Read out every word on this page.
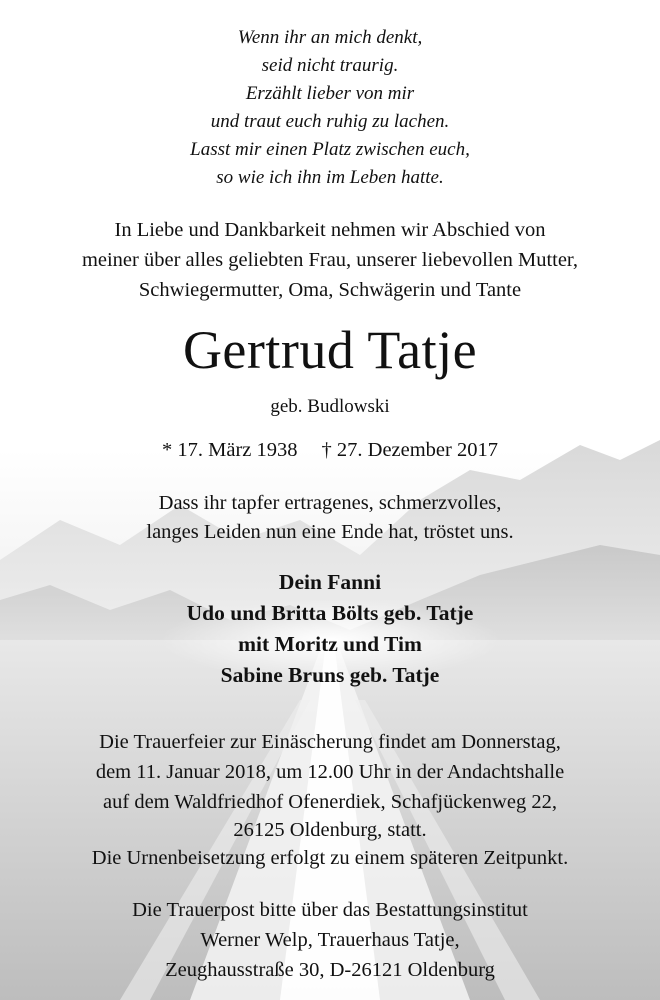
Wenn ihr an mich denkt,
seid nicht traurig.
Erzählt lieber von mir
und traut euch ruhig zu lachen.
Lasst mir einen Platz zwischen euch,
so wie ich ihn im Leben hatte.
In Liebe und Dankbarkeit nehmen wir Abschied von
meiner über alles geliebten Frau, unserer liebevollen Mutter,
Schwiegermutter, Oma, Schwägerin und Tante
Gertrud Tatje
geb. Budlowski
* 17. März 1938 † 27. Dezember 2017
Dass ihr tapfer ertragenes, schmerzvolles,
langes Leiden nun eine Ende hat, tröstet uns.
Dein Fanni
Udo und Britta Bölts geb. Tatje
mit Moritz und Tim
Sabine Bruns geb. Tatje
Die Trauerfeier zur Einäscherung findet am Donnerstag,
dem 11. Januar 2018, um 12.00 Uhr in der Andachtshalle
auf dem Waldfriedhof Ofenerdiek, Schafjückenweg 22,
26125 Oldenburg, statt.
Die Urnenbeisetzung erfolgt zu einem späteren Zeitpunkt.
Die Trauerpost bitte über das Bestattungsinstitut
Werner Welp, Trauerhaus Tatje,
Zeughausstraße 30, D-26121 Oldenburg
